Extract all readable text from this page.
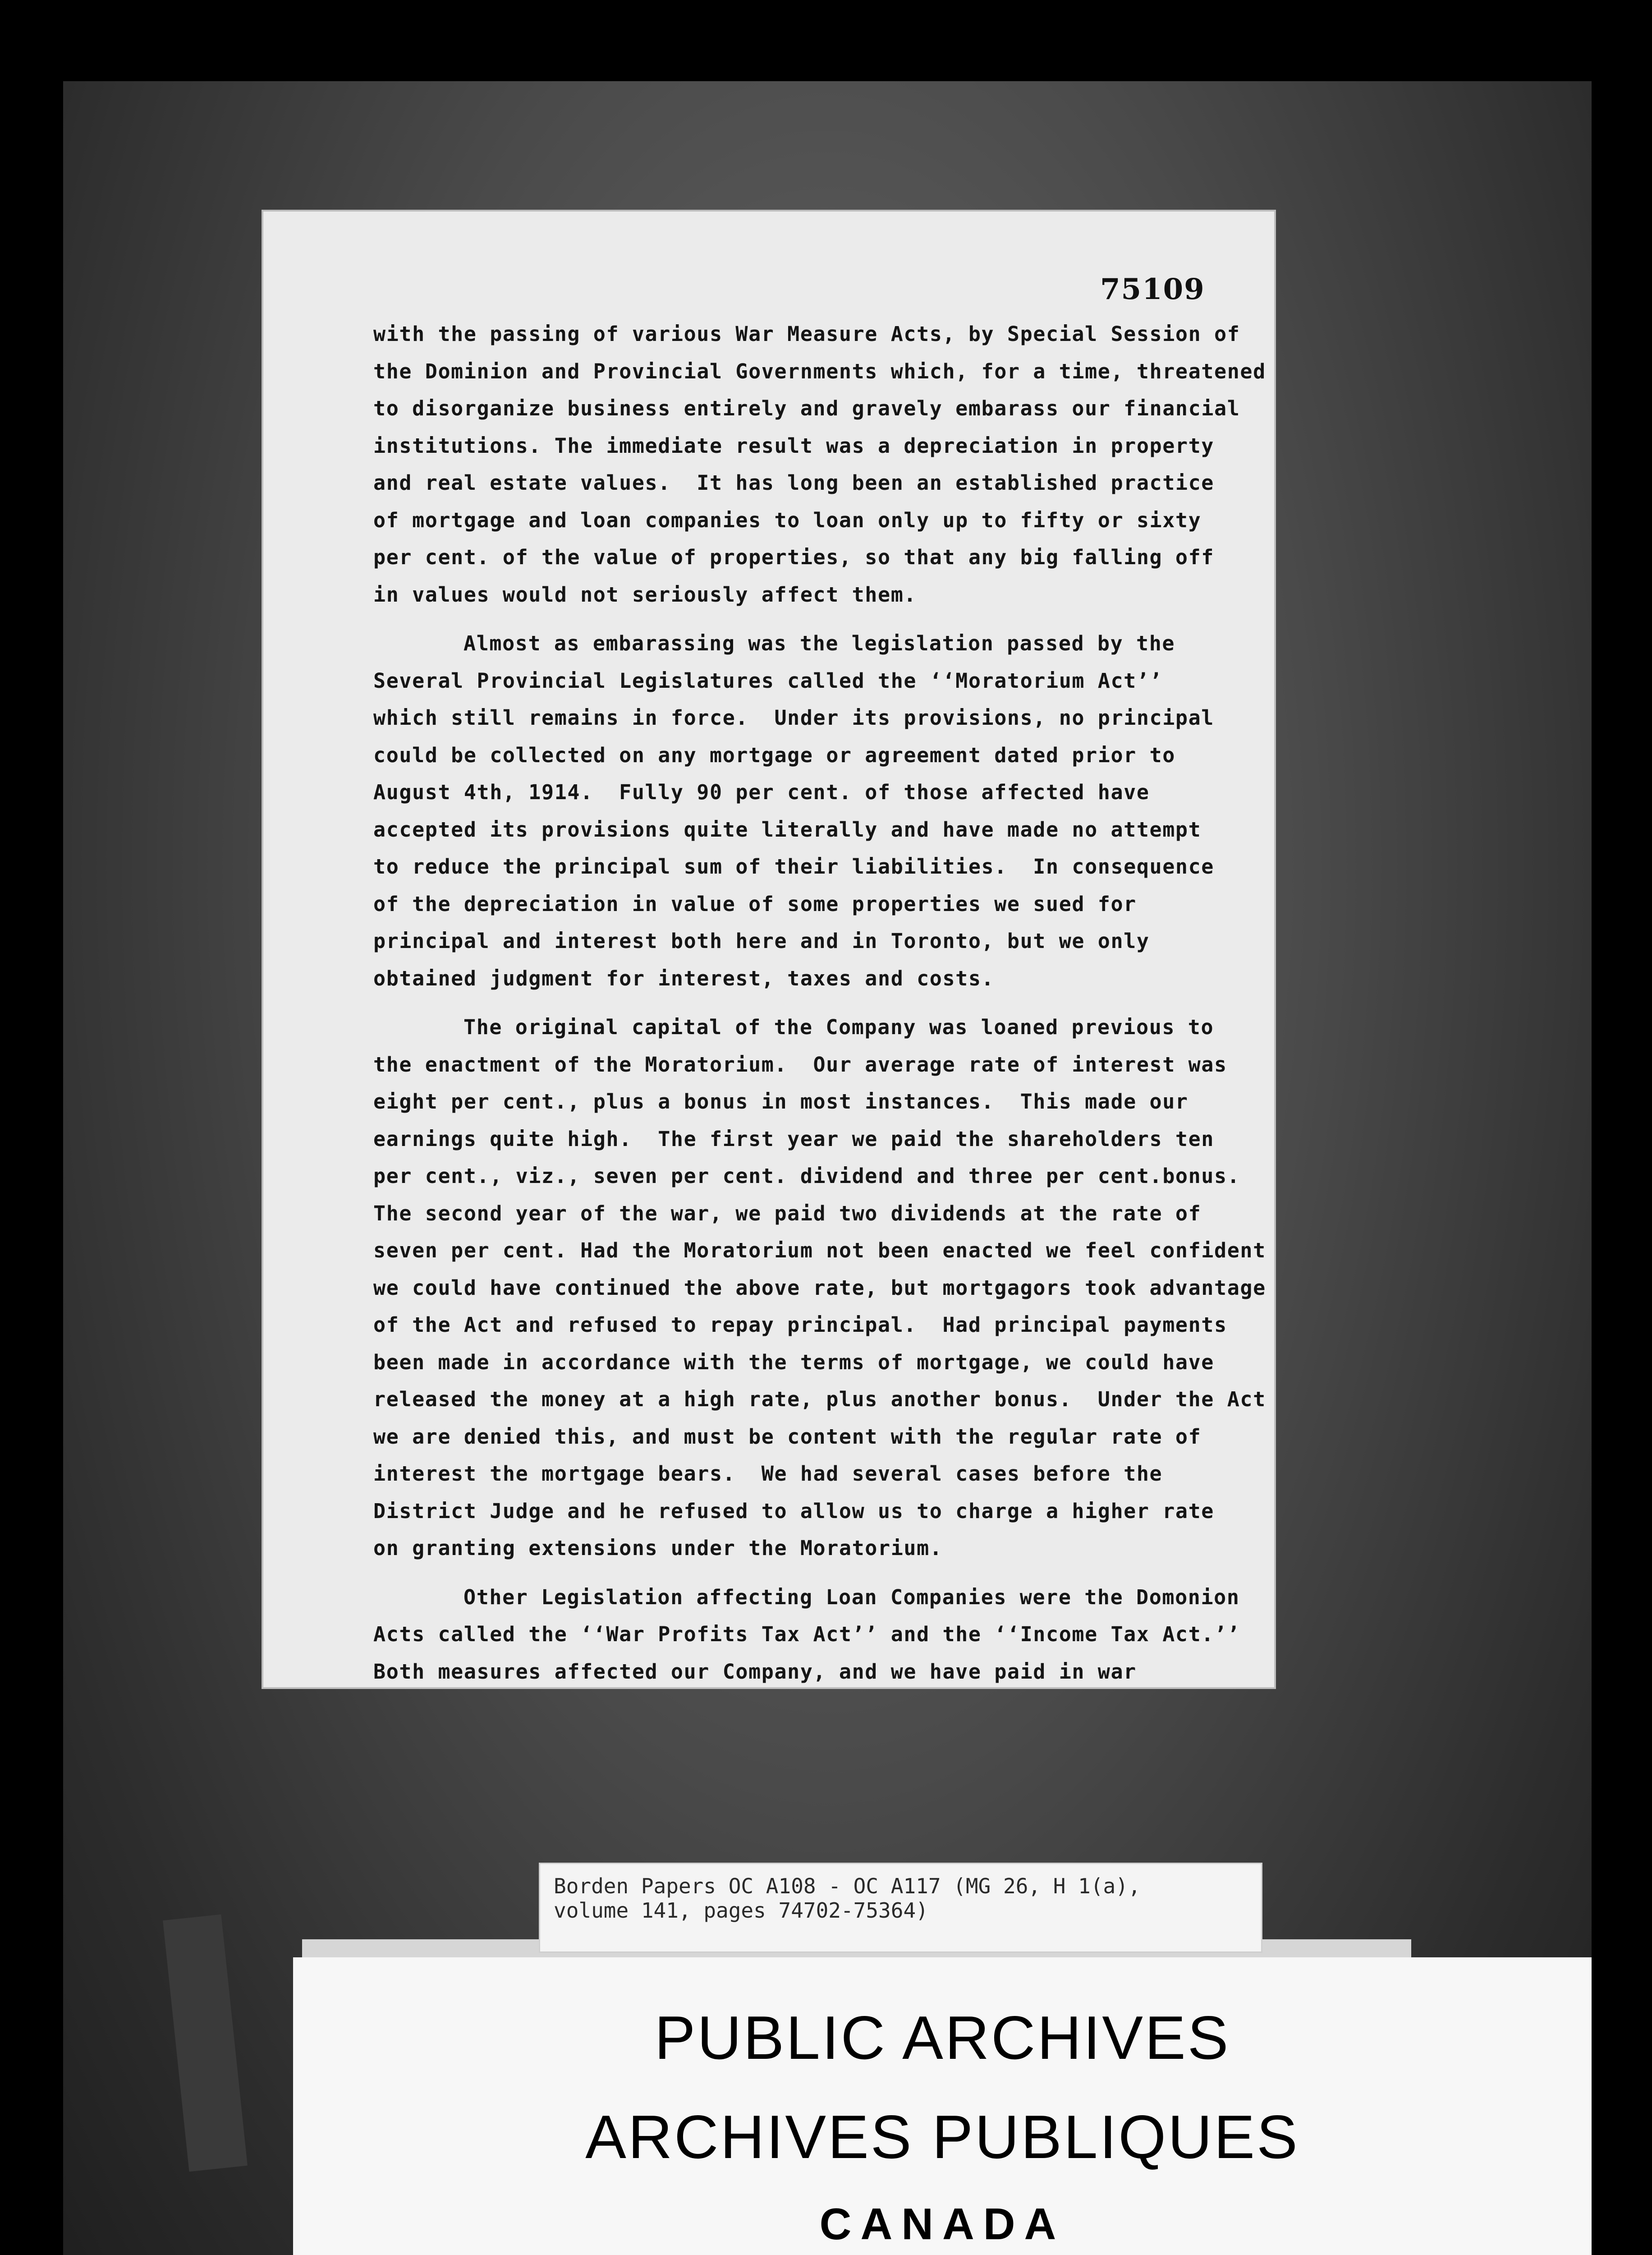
75109
with the passing of various War Measure Acts, by Special Session of
the Dominion and Provincial Governments which, for a time, threatened
to disorganize business entirely and gravely embarass our financial
institutions. The immediate result was a depreciation in property
and real estate values.  It has long been an established practice
of mortgage and loan companies to loan only up to fifty or sixty
per cent. of the value of properties, so that any big falling off
in values would not seriously affect them.
Almost as embarassing was the legislation passed by the
Several Provincial Legislatures called the ‘‘Moratorium Act’’
which still remains in force.  Under its provisions, no principal
could be collected on any mortgage or agreement dated prior to
August 4th, 1914.  Fully 90 per cent. of those affected have
accepted its provisions quite literally and have made no attempt
to reduce the principal sum of their liabilities.  In consequence
of the depreciation in value of some properties we sued for
principal and interest both here and in Toronto, but we only
obtained judgment for interest, taxes and costs.
The original capital of the Company was loaned previous to
the enactment of the Moratorium.  Our average rate of interest was
eight per cent., plus a bonus in most instances.  This made our
earnings quite high.  The first year we paid the shareholders ten
per cent., viz., seven per cent. dividend and three per cent.bonus.
The second year of the war, we paid two dividends at the rate of
seven per cent. Had the Moratorium not been enacted we feel confident
we could have continued the above rate, but mortgagors took advantage
of the Act and refused to repay principal.  Had principal payments
been made in accordance with the terms of mortgage, we could have
released the money at a high rate, plus another bonus.  Under the Act
we are denied this, and must be content with the regular rate of
interest the mortgage bears.  We had several cases before the
District Judge and he refused to allow us to charge a higher rate
on granting extensions under the Moratorium.
Other Legislation affecting Loan Companies were the Domonion
Acts called the ‘‘War Profits Tax Act’’ and the ‘‘Income Tax Act.’’
Both measures affected our Company, and we have paid in war
Borden Papers OC A108 - OC A117 (MG 26, H 1(a),
volume 141, pages 74702-75364)
PUBLIC ARCHIVES
ARCHIVES PUBLIQUES
CANADA
